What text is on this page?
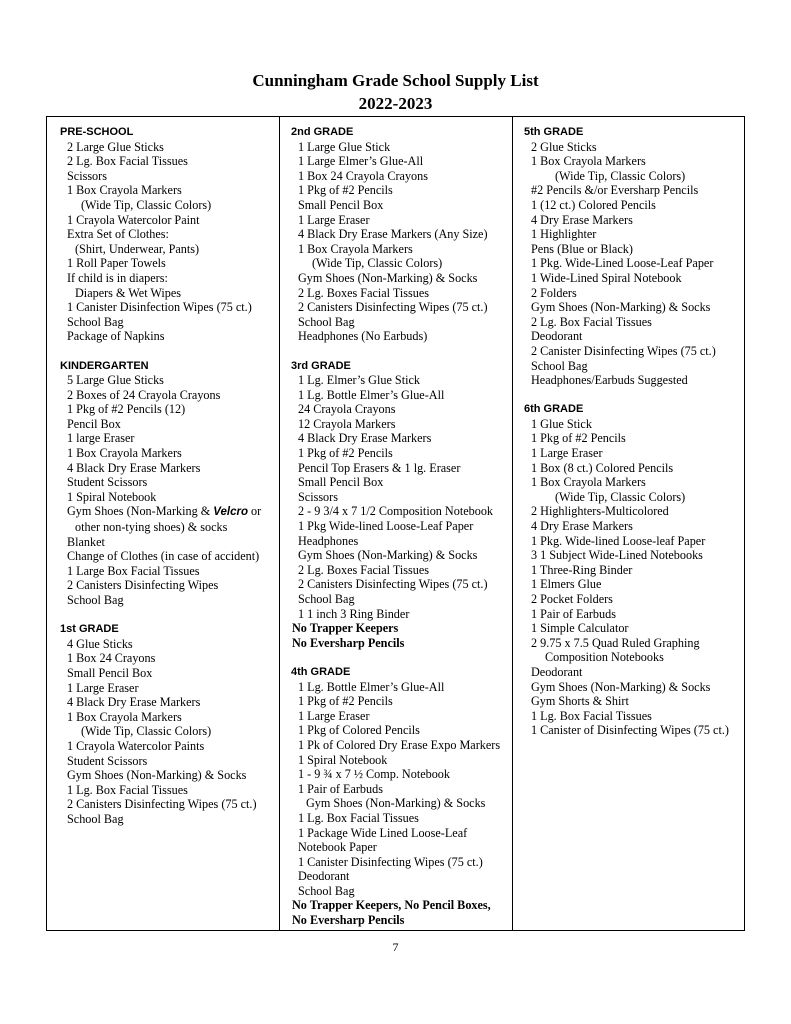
Cunningham Grade School Supply List
2022-2023
PRE-SCHOOL
2 Large Glue Sticks
2 Lg. Box Facial Tissues
Scissors
1 Box Crayola Markers
(Wide Tip, Classic Colors)
1 Crayola Watercolor Paint
Extra Set of Clothes:
(Shirt, Underwear, Pants)
1 Roll Paper Towels
If child is in diapers:
Diapers & Wet Wipes
1 Canister Disinfection Wipes (75 ct.)
School Bag
Package of Napkins
KINDERGARTEN
5 Large Glue Sticks
2 Boxes of 24 Crayola Crayons
1 Pkg of #2 Pencils (12)
Pencil Box
1 large Eraser
1 Box Crayola Markers
4 Black Dry Erase Markers
Student Scissors
1 Spiral Notebook
Gym Shoes (Non-Marking & Velcro or
other non-tying shoes) & socks
Blanket
Change of Clothes (in case of accident)
1 Large Box Facial Tissues
2 Canisters Disinfecting Wipes
School Bag
1st GRADE
4 Glue Sticks
1 Box 24 Crayons
Small Pencil Box
1 Large Eraser
4 Black Dry Erase Markers
1 Box Crayola Markers
(Wide Tip, Classic Colors)
1 Crayola Watercolor Paints
Student Scissors
Gym Shoes (Non-Marking) & Socks
1 Lg. Box Facial Tissues
2 Canisters Disinfecting Wipes (75 ct.)
School Bag
2nd GRADE
1 Large Glue Stick
1 Large Elmer’s Glue-All
1 Box 24 Crayola Crayons
1 Pkg of #2 Pencils
Small Pencil Box
1 Large Eraser
4 Black Dry Erase Markers (Any Size)
1 Box Crayola Markers
(Wide Tip, Classic Colors)
Gym Shoes (Non-Marking) & Socks
2 Lg. Boxes Facial Tissues
2 Canisters Disinfecting Wipes (75 ct.)
School Bag
Headphones (No Earbuds)
3rd GRADE
1 Lg. Elmer’s Glue Stick
1 Lg. Bottle Elmer’s Glue-All
24 Crayola Crayons
12 Crayola Markers
4 Black Dry Erase Markers
1 Pkg of #2 Pencils
Pencil Top Erasers & 1 lg. Eraser
Small Pencil Box
Scissors
2 - 9 3/4 x 7 1/2 Composition Notebook
1 Pkg Wide-lined Loose-Leaf Paper
Headphones
Gym Shoes (Non-Marking) & Socks
2 Lg. Boxes Facial Tissues
2 Canisters Disinfecting Wipes (75 ct.)
School Bag
1 1 inch 3 Ring Binder
No Trapper Keepers
No Eversharp Pencils
4th GRADE
1 Lg. Bottle Elmer’s Glue-All
1 Pkg of #2 Pencils
1 Large Eraser
1 Pkg of Colored Pencils
1 Pk of Colored Dry Erase Expo Markers
1 Spiral Notebook
1 - 9 ¾ x 7 ½ Comp. Notebook
1 Pair of Earbuds
Gym Shoes (Non-Marking) & Socks
1 Lg. Box Facial Tissues
1 Package Wide Lined Loose-Leaf
Notebook Paper
1 Canister Disinfecting Wipes (75 ct.)
Deodorant
School Bag
No Trapper Keepers, No Pencil Boxes,
No Eversharp Pencils
5th GRADE
2 Glue Sticks
1 Box Crayola Markers
(Wide Tip, Classic Colors)
#2 Pencils &/or Eversharp Pencils
1 (12 ct.) Colored Pencils
4 Dry Erase Markers
1 Highlighter
Pens (Blue or Black)
1 Pkg. Wide-Lined Loose-Leaf Paper
1 Wide-Lined Spiral Notebook
2 Folders
Gym Shoes (Non-Marking) & Socks
2 Lg. Box Facial Tissues
Deodorant
2 Canister Disinfecting Wipes (75 ct.)
School Bag
Headphones/Earbuds Suggested
6th GRADE
1 Glue Stick
1 Pkg of #2 Pencils
1 Large Eraser
1 Box (8 ct.) Colored Pencils
1 Box Crayola Markers
(Wide Tip, Classic Colors)
2 Highlighters-Multicolored
4 Dry Erase Markers
1 Pkg. Wide-lined Loose-leaf Paper
3 1 Subject Wide-Lined Notebooks
1 Three-Ring Binder
1 Elmers Glue
2 Pocket Folders
1 Pair of Earbuds
1 Simple Calculator
2 9.75 x 7.5 Quad Ruled Graphing
Composition Notebooks
Deodorant
Gym Shoes (Non-Marking) & Socks
Gym Shorts & Shirt
1 Lg. Box Facial Tissues
1 Canister of Disinfecting Wipes (75 ct.)
7
